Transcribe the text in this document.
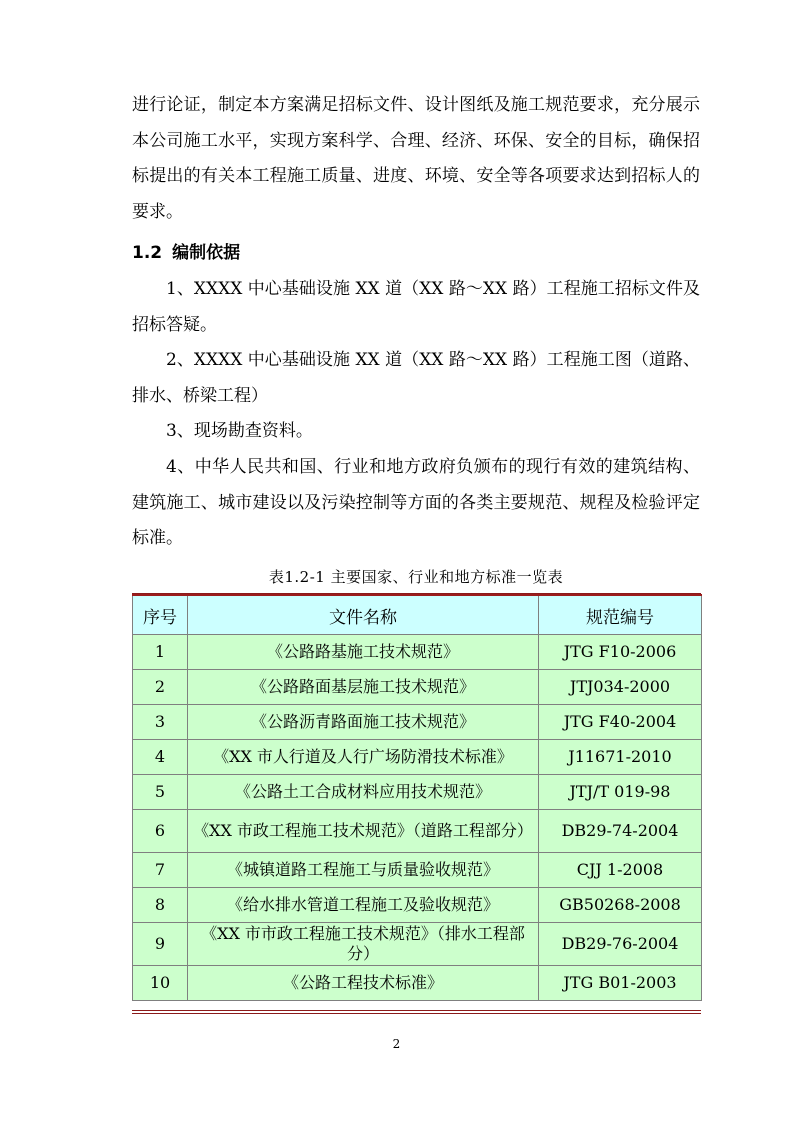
进行论证，制定本方案满足招标文件、设计图纸及施工规范要求，充分展示本公司施工水平，实现方案科学、合理、经济、环保、安全的目标，确保招标提出的有关本工程施工质量、进度、环境、安全等各项要求达到招标人的要求。

1.2 编制依据

1、XXXX 中心基础设施 XX 道（XX 路～XX 路）工程施工招标文件及招标答疑。

2、XXXX 中心基础设施 XX 道（XX 路～XX 路）工程施工图（道路、排水、桥梁工程）

3、现场勘查资料。

4、中华人民共和国、行业和地方政府负颁布的现行有效的建筑结构、建筑施工、城市建设以及污染控制等方面的各类主要规范、规程及检验评定标准。

表1.2-1 主要国家、行业和地方标准一览表
序号	文件名称	规范编号
1	《公路路基施工技术规范》	JTG F10-2006
2	《公路路面基层施工技术规范》	JTJ034-2000
3	《公路沥青路面施工技术规范》	JTG F40-2004
4	《XX 市人行道及人行广场防滑技术标准》	J11671-2010
5	《公路土工合成材料应用技术规范》	JTJ/T 019-98
6	《XX 市政工程施工技术规范》（道路工程部分）	DB29-74-2004
7	《城镇道路工程施工与质量验收规范》	CJJ 1-2008
8	《给水排水管道工程施工及验收规范》	GB50268-2008
9	《XX 市市政工程施工技术规范》（排水工程部分）	DB29-76-2004
10	《公路工程技术标准》	JTG B01-2003
2
